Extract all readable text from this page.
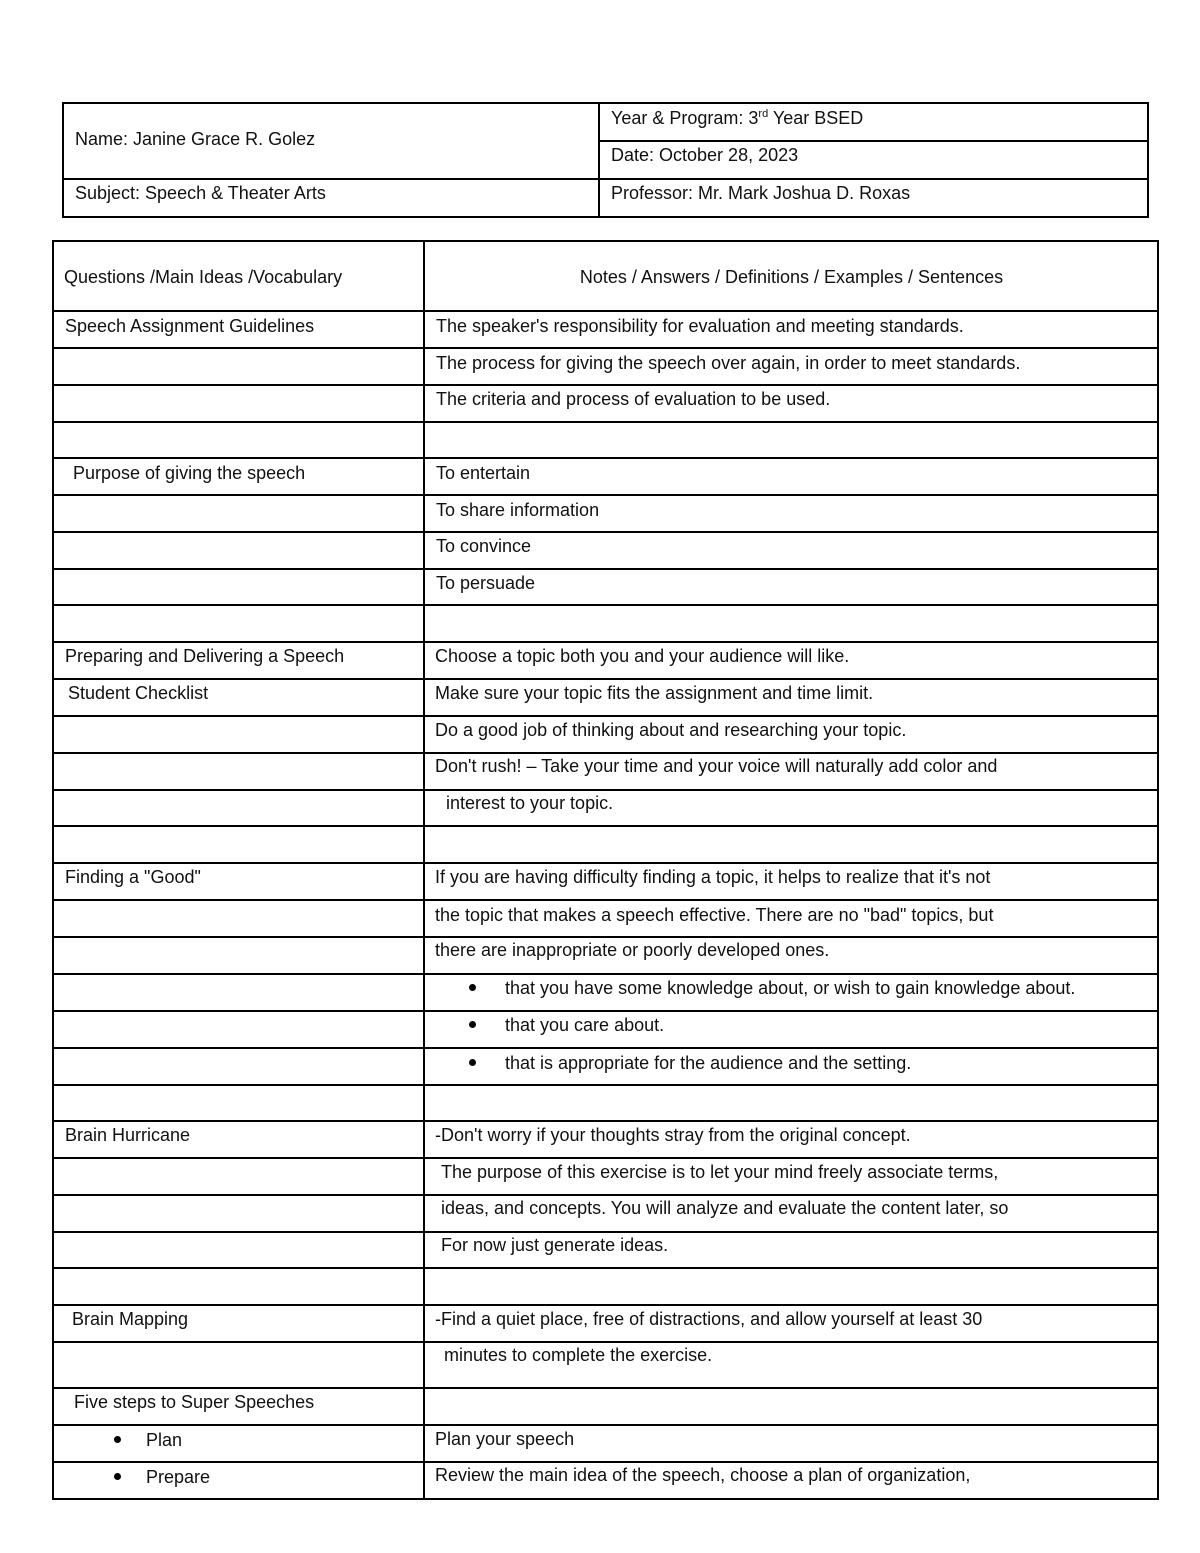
Name: Janine Grace R. Golez
Year & Program: 3rd Year BSED
Date: October 28, 2023
Subject: Speech & Theater Arts	Professor: Mr. Mark Joshua D. Roxas
Questions /Main Ideas /Vocabulary	Notes / Answers / Definitions / Examples / Sentences
Speech Assignment Guidelines
Purpose of giving the speech
Preparing and Delivering a Speech
Student Checklist
Finding a "Good"
Brain Hurricane
Brain Mapping
Five steps to Super Speeches
Plan
Prepare
The speaker's responsibility for evaluation and meeting standards.
The process for giving the speech over again, in order to meet standards.
The criteria and process of evaluation to be used.
To entertain
To share information
To convince
To persuade
Choose a topic both you and your audience will like.
Make sure your topic fits the assignment and time limit.
Do a good job of thinking about and researching your topic.
Don't rush! – Take your time and your voice will naturally add color and
interest to your topic.
If you are having difficulty finding a topic, it helps to realize that it's not
the topic that makes a speech effective. There are no "bad" topics, but
there are inappropriate or poorly developed ones.
that you have some knowledge about, or wish to gain knowledge about.
that you care about.
that is appropriate for the audience and the setting.
-Don't worry if your thoughts stray from the original concept.
The purpose of this exercise is to let your mind freely associate terms,
ideas, and concepts. You will analyze and evaluate the content later, so
For now just generate ideas.
-Find a quiet place, free of distractions, and allow yourself at least 30
minutes to complete the exercise.
Plan your speech
Review the main idea of the speech, choose a plan of organization,
